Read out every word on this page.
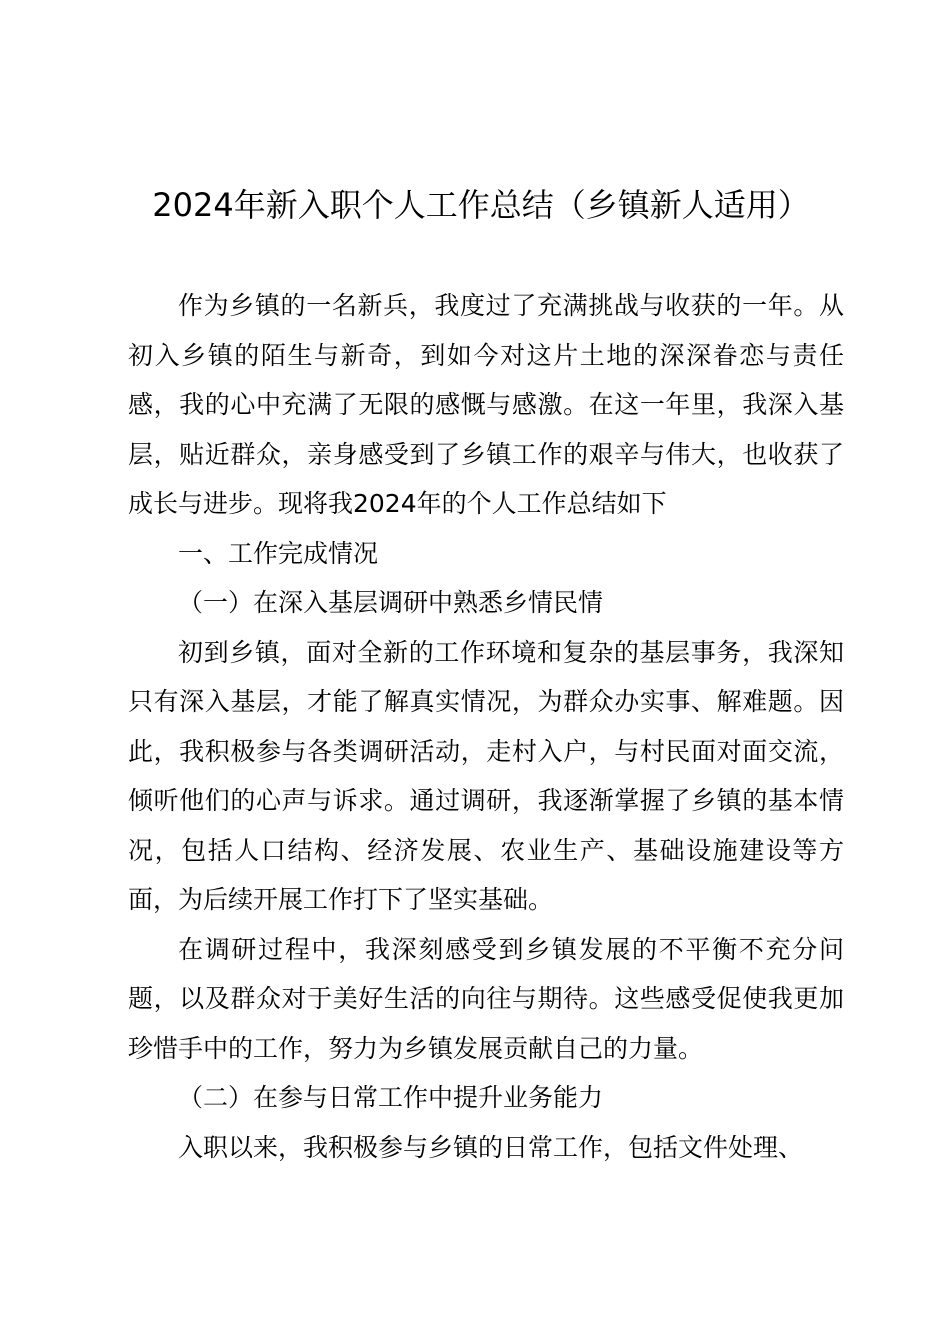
2024年新入职个人工作总结（乡镇新人适用）

作为乡镇的一名新兵，我度过了充满挑战与收获的一年。从初入乡镇的陌生与新奇，到如今对这片土地的深深眷恋与责任感，我的心中充满了无限的感慨与感激。在这一年里，我深入基层，贴近群众，亲身感受到了乡镇工作的艰辛与伟大，也收获了成长与进步。现将我2024年的个人工作总结如下

一、工作完成情况

（一）在深入基层调研中熟悉乡情民情

初到乡镇，面对全新的工作环境和复杂的基层事务，我深知只有深入基层，才能了解真实情况，为群众办实事、解难题。因此，我积极参与各类调研活动，走村入户，与村民面对面交流，倾听他们的心声与诉求。通过调研，我逐渐掌握了乡镇的基本情况，包括人口结构、经济发展、农业生产、基础设施建设等方面，为后续开展工作打下了坚实基础。

在调研过程中，我深刻感受到乡镇发展的不平衡不充分问题，以及群众对于美好生活的向往与期待。这些感受促使我更加珍惜手中的工作，努力为乡镇发展贡献自己的力量。

（二）在参与日常工作中提升业务能力

入职以来，我积极参与乡镇的日常工作，包括文件处理、
